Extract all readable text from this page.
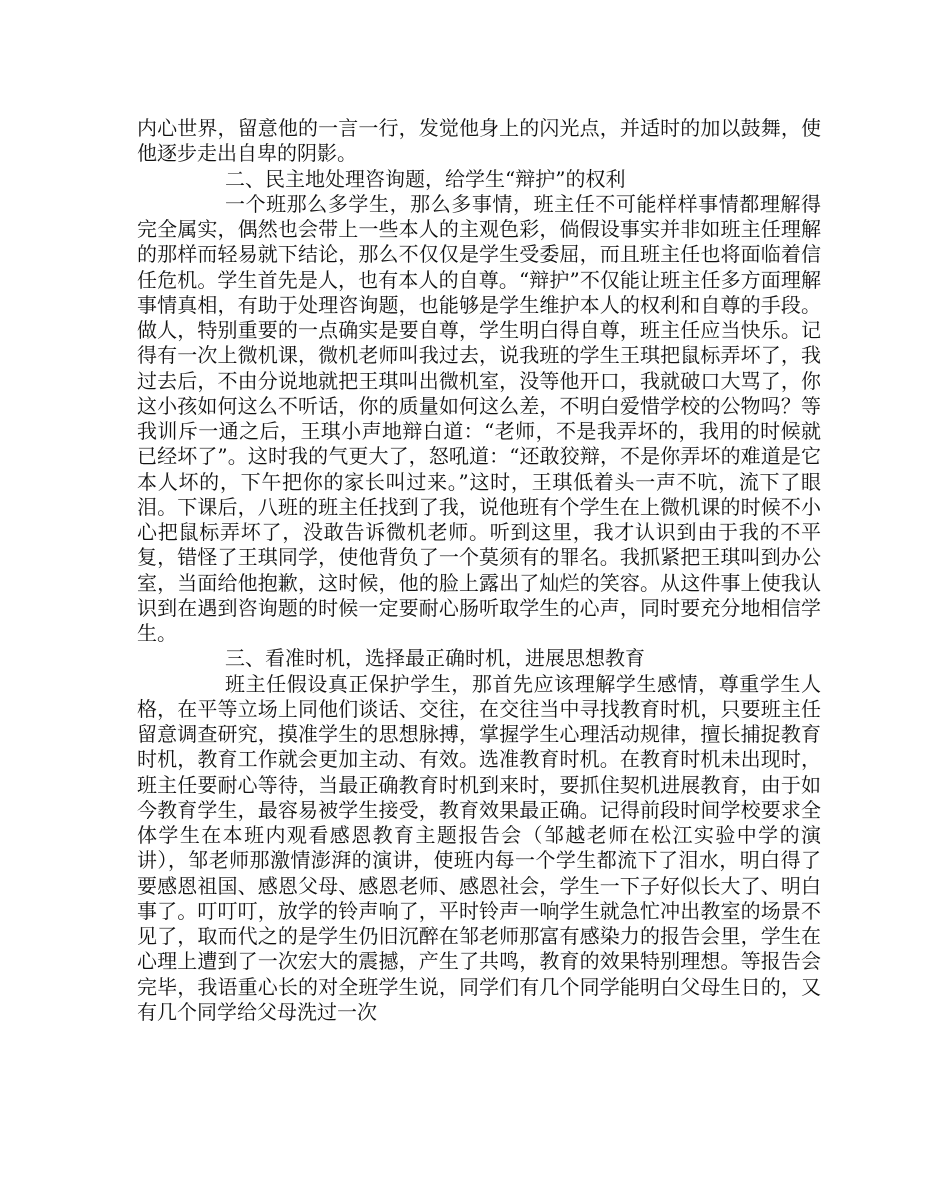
内心世界，留意他的一言一行，发觉他身上的闪光点，并适时的加以鼓舞，使他逐步走出自卑的阴影。

二、民主地处理咨询题，给学生“辩护”的权利

一个班那么多学生，那么多事情，班主任不可能样样事情都理解得完全属实，偶然也会带上一些本人的主观色彩，倘假设事实并非如班主任理解的那样而轻易就下结论，那么不仅仅是学生受委屈，而且班主任也将面临着信任危机。学生首先是人，也有本人的自尊。“辩护”不仅能让班主任多方面理解事情真相，有助于处理咨询题，也能够是学生维护本人的权利和自尊的手段。做人，特别重要的一点确实是要自尊，学生明白得自尊，班主任应当快乐。记得有一次上微机课，微机老师叫我过去，说我班的学生王琪把鼠标弄坏了，我过去后，不由分说地就把王琪叫出微机室，没等他开口，我就破口大骂了，你这小孩如何这么不听话，你的质量如何这么差，不明白爱惜学校的公物吗？等我训斥一通之后，王琪小声地辩白道：“老师，不是我弄坏的，我用的时候就已经坏了”。这时我的气更大了，怒吼道：“还敢狡辩，不是你弄坏的难道是它本人坏的，下午把你的家长叫过来。”这时，王琪低着头一声不吭，流下了眼泪。下课后，八班的班主任找到了我，说他班有个学生在上微机课的时候不小心把鼠标弄坏了，没敢告诉微机老师。听到这里，我才认识到由于我的不平复，错怪了王琪同学，使他背负了一个莫须有的罪名。我抓紧把王琪叫到办公室，当面给他抱歉，这时候，他的脸上露出了灿烂的笑容。从这件事上使我认识到在遇到咨询题的时候一定要耐心肠听取学生的心声，同时要充分地相信学生。

三、看准时机，选择最正确时机，进展思想教育

班主任假设真正保护学生，那首先应该理解学生感情，尊重学生人格，在平等立场上同他们谈话、交往，在交往当中寻找教育时机，只要班主任留意调查研究，摸准学生的思想脉搏，掌握学生心理活动规律，擅长捕捉教育时机，教育工作就会更加主动、有效。选准教育时机。在教育时机未出现时，班主任要耐心等待，当最正确教育时机到来时，要抓住契机进展教育，由于如今教育学生，最容易被学生接受，教育效果最正确。记得前段时间学校要求全体学生在本班内观看感恩教育主题报告会（邹越老师在松江实验中学的演讲），邹老师那激情澎湃的演讲，使班内每一个学生都流下了泪水，明白得了要感恩祖国、感恩父母、感恩老师、感恩社会，学生一下子好似长大了、明白事了。叮叮叮，放学的铃声响了，平时铃声一响学生就急忙冲出教室的场景不见了，取而代之的是学生仍旧沉醉在邹老师那富有感染力的报告会里，学生在心理上遭到了一次宏大的震撼，产生了共鸣，教育的效果特别理想。等报告会完毕，我语重心长的对全班学生说，同学们有几个同学能明白父母生日的，又有几个同学给父母洗过一次
